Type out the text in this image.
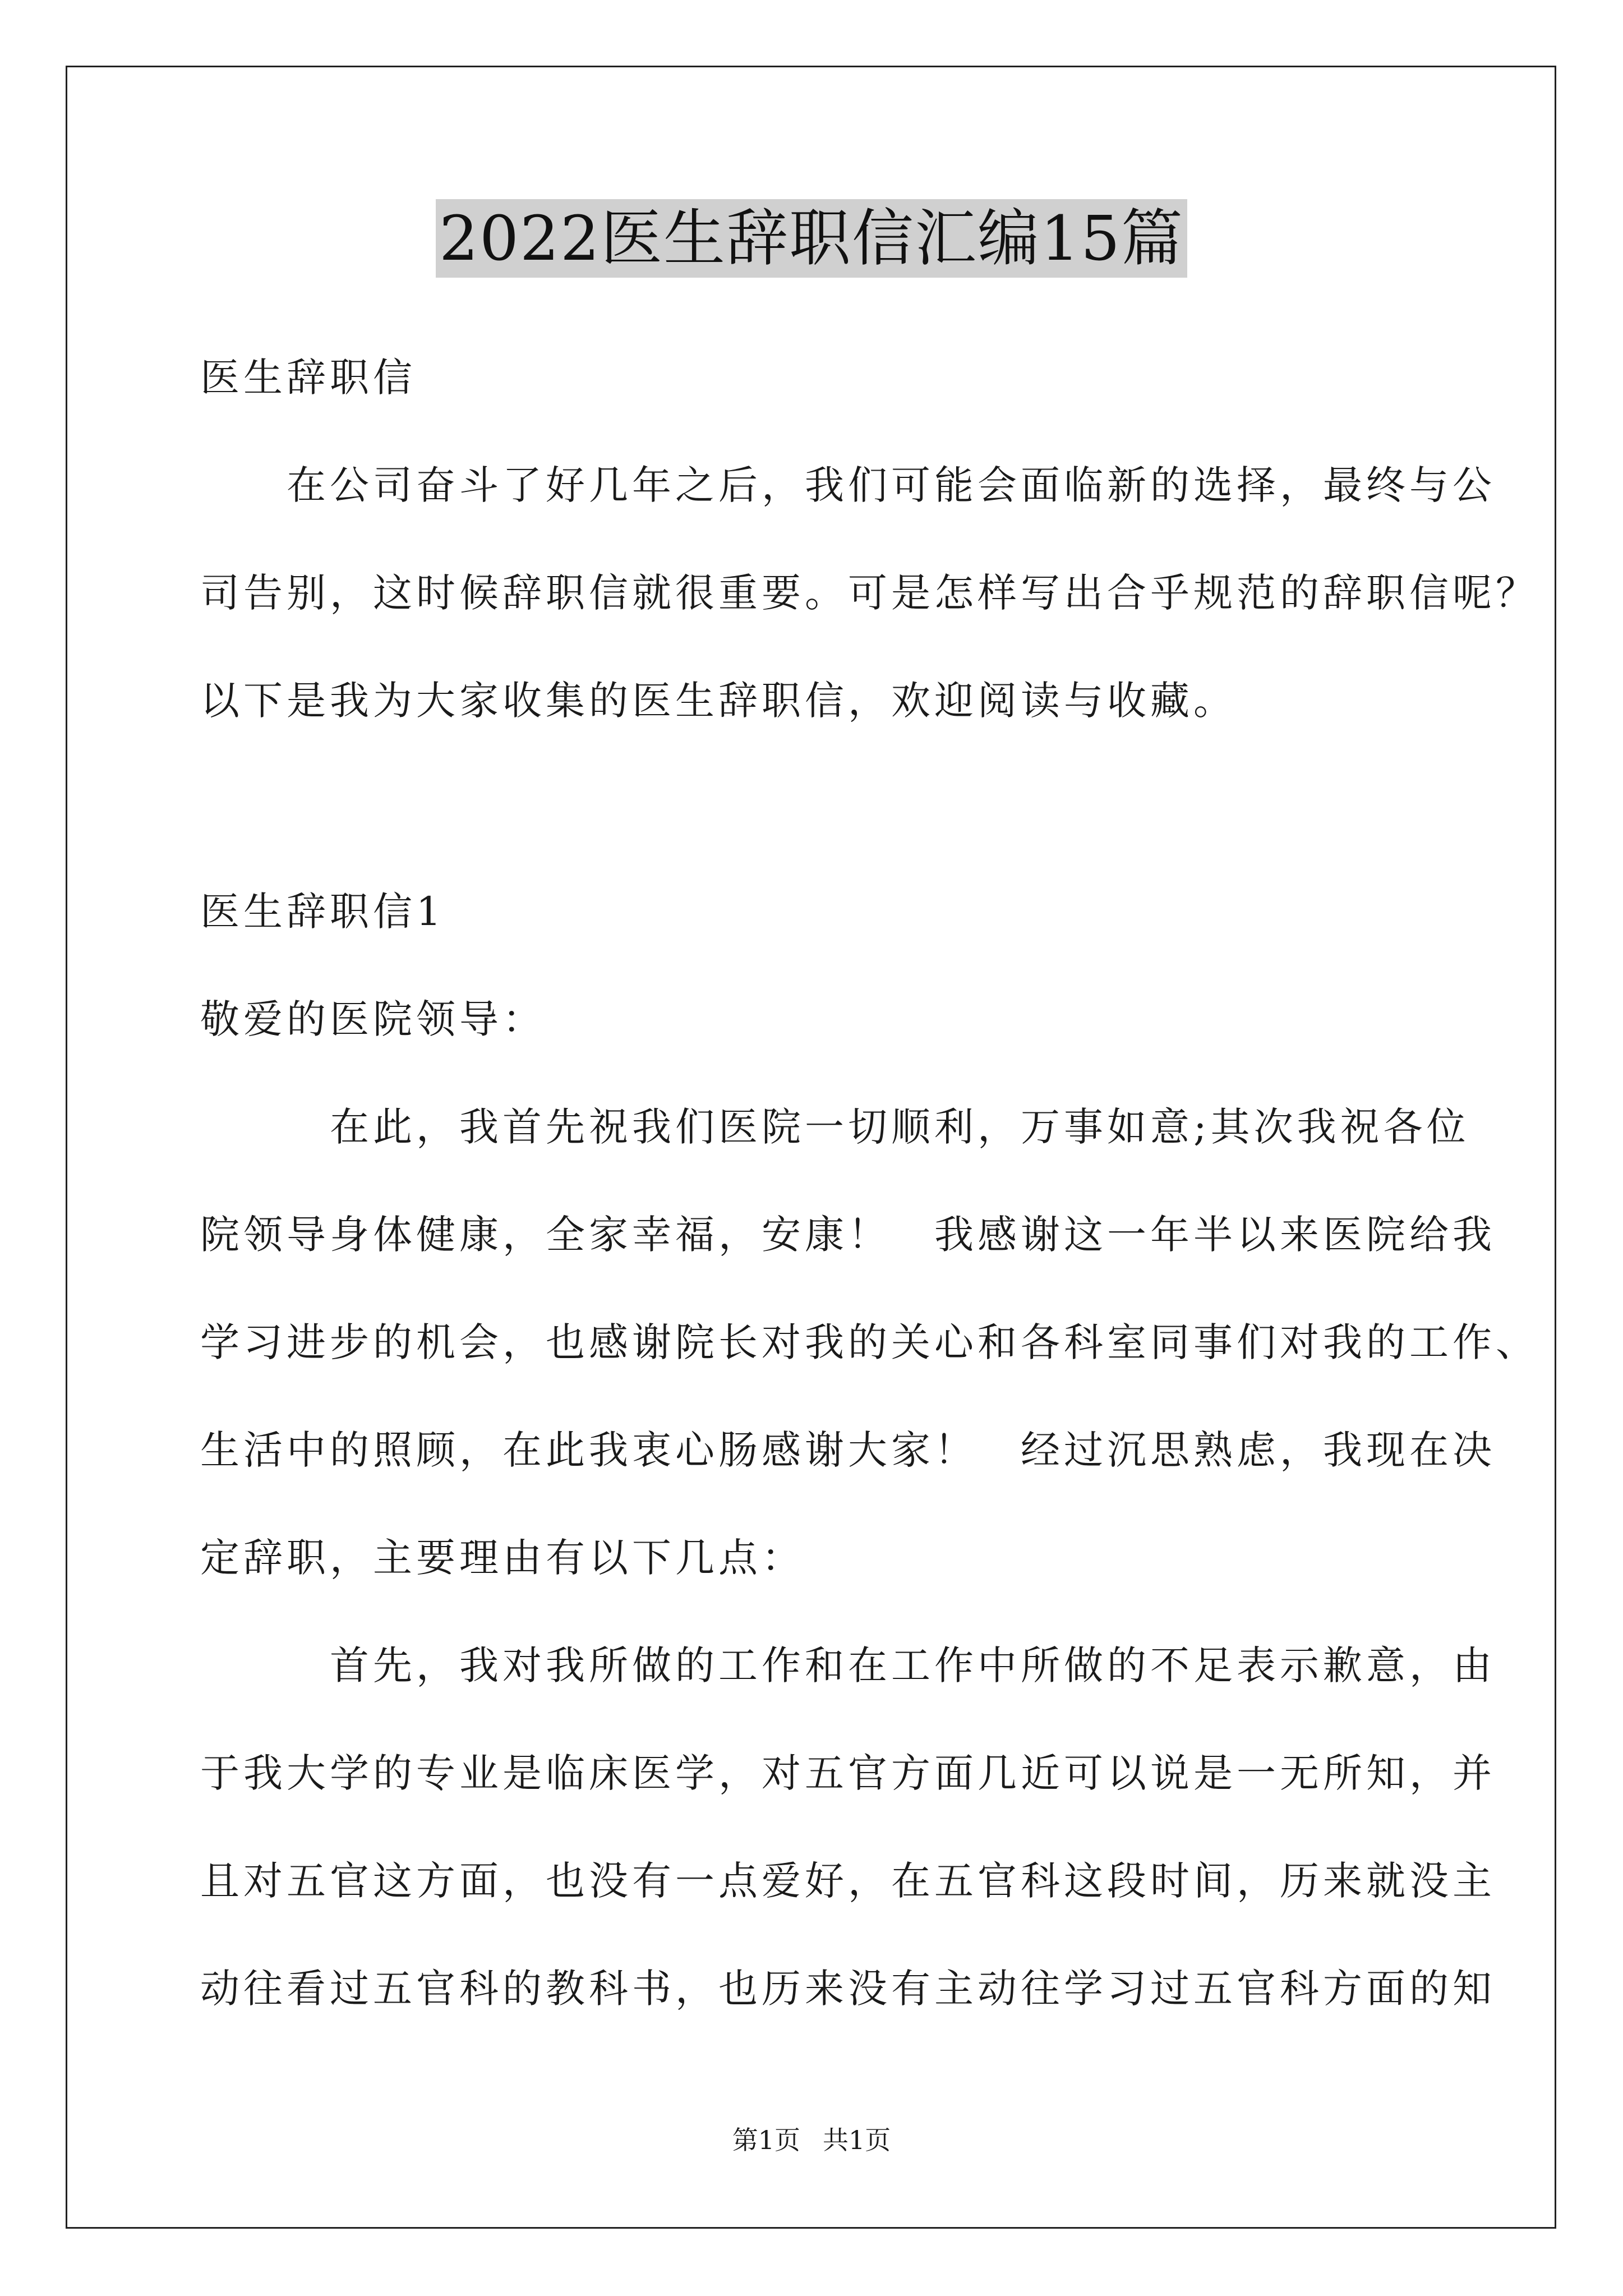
2022医生辞职信汇编15篇
医生辞职信
　　在公司奋斗了好几年之后，我们可能会面临新的选择，最终与公
司告别，这时候辞职信就很重要。可是怎样写出合乎规范的辞职信呢？
以下是我为大家收集的医生辞职信，欢迎阅读与收藏。
医生辞职信1
敬爱的医院领导：
　　　在此，我首先祝我们医院一切顺利，万事如意;其次我祝各位
院领导身体健康，全家幸福，安康！　我感谢这一年半以来医院给我
学习进步的机会，也感谢院长对我的关心和各科室同事们对我的工作、
生活中的照顾，在此我衷心肠感谢大家！　经过沉思熟虑，我现在决
定辞职，主要理由有以下几点：
　　　首先，我对我所做的工作和在工作中所做的不足表示歉意，由
于我大学的专业是临床医学，对五官方面几近可以说是一无所知，并
且对五官这方面，也没有一点爱好，在五官科这段时间，历来就没主
动往看过五官科的教科书，也历来没有主动往学习过五官科方面的知
第1页 共1页
